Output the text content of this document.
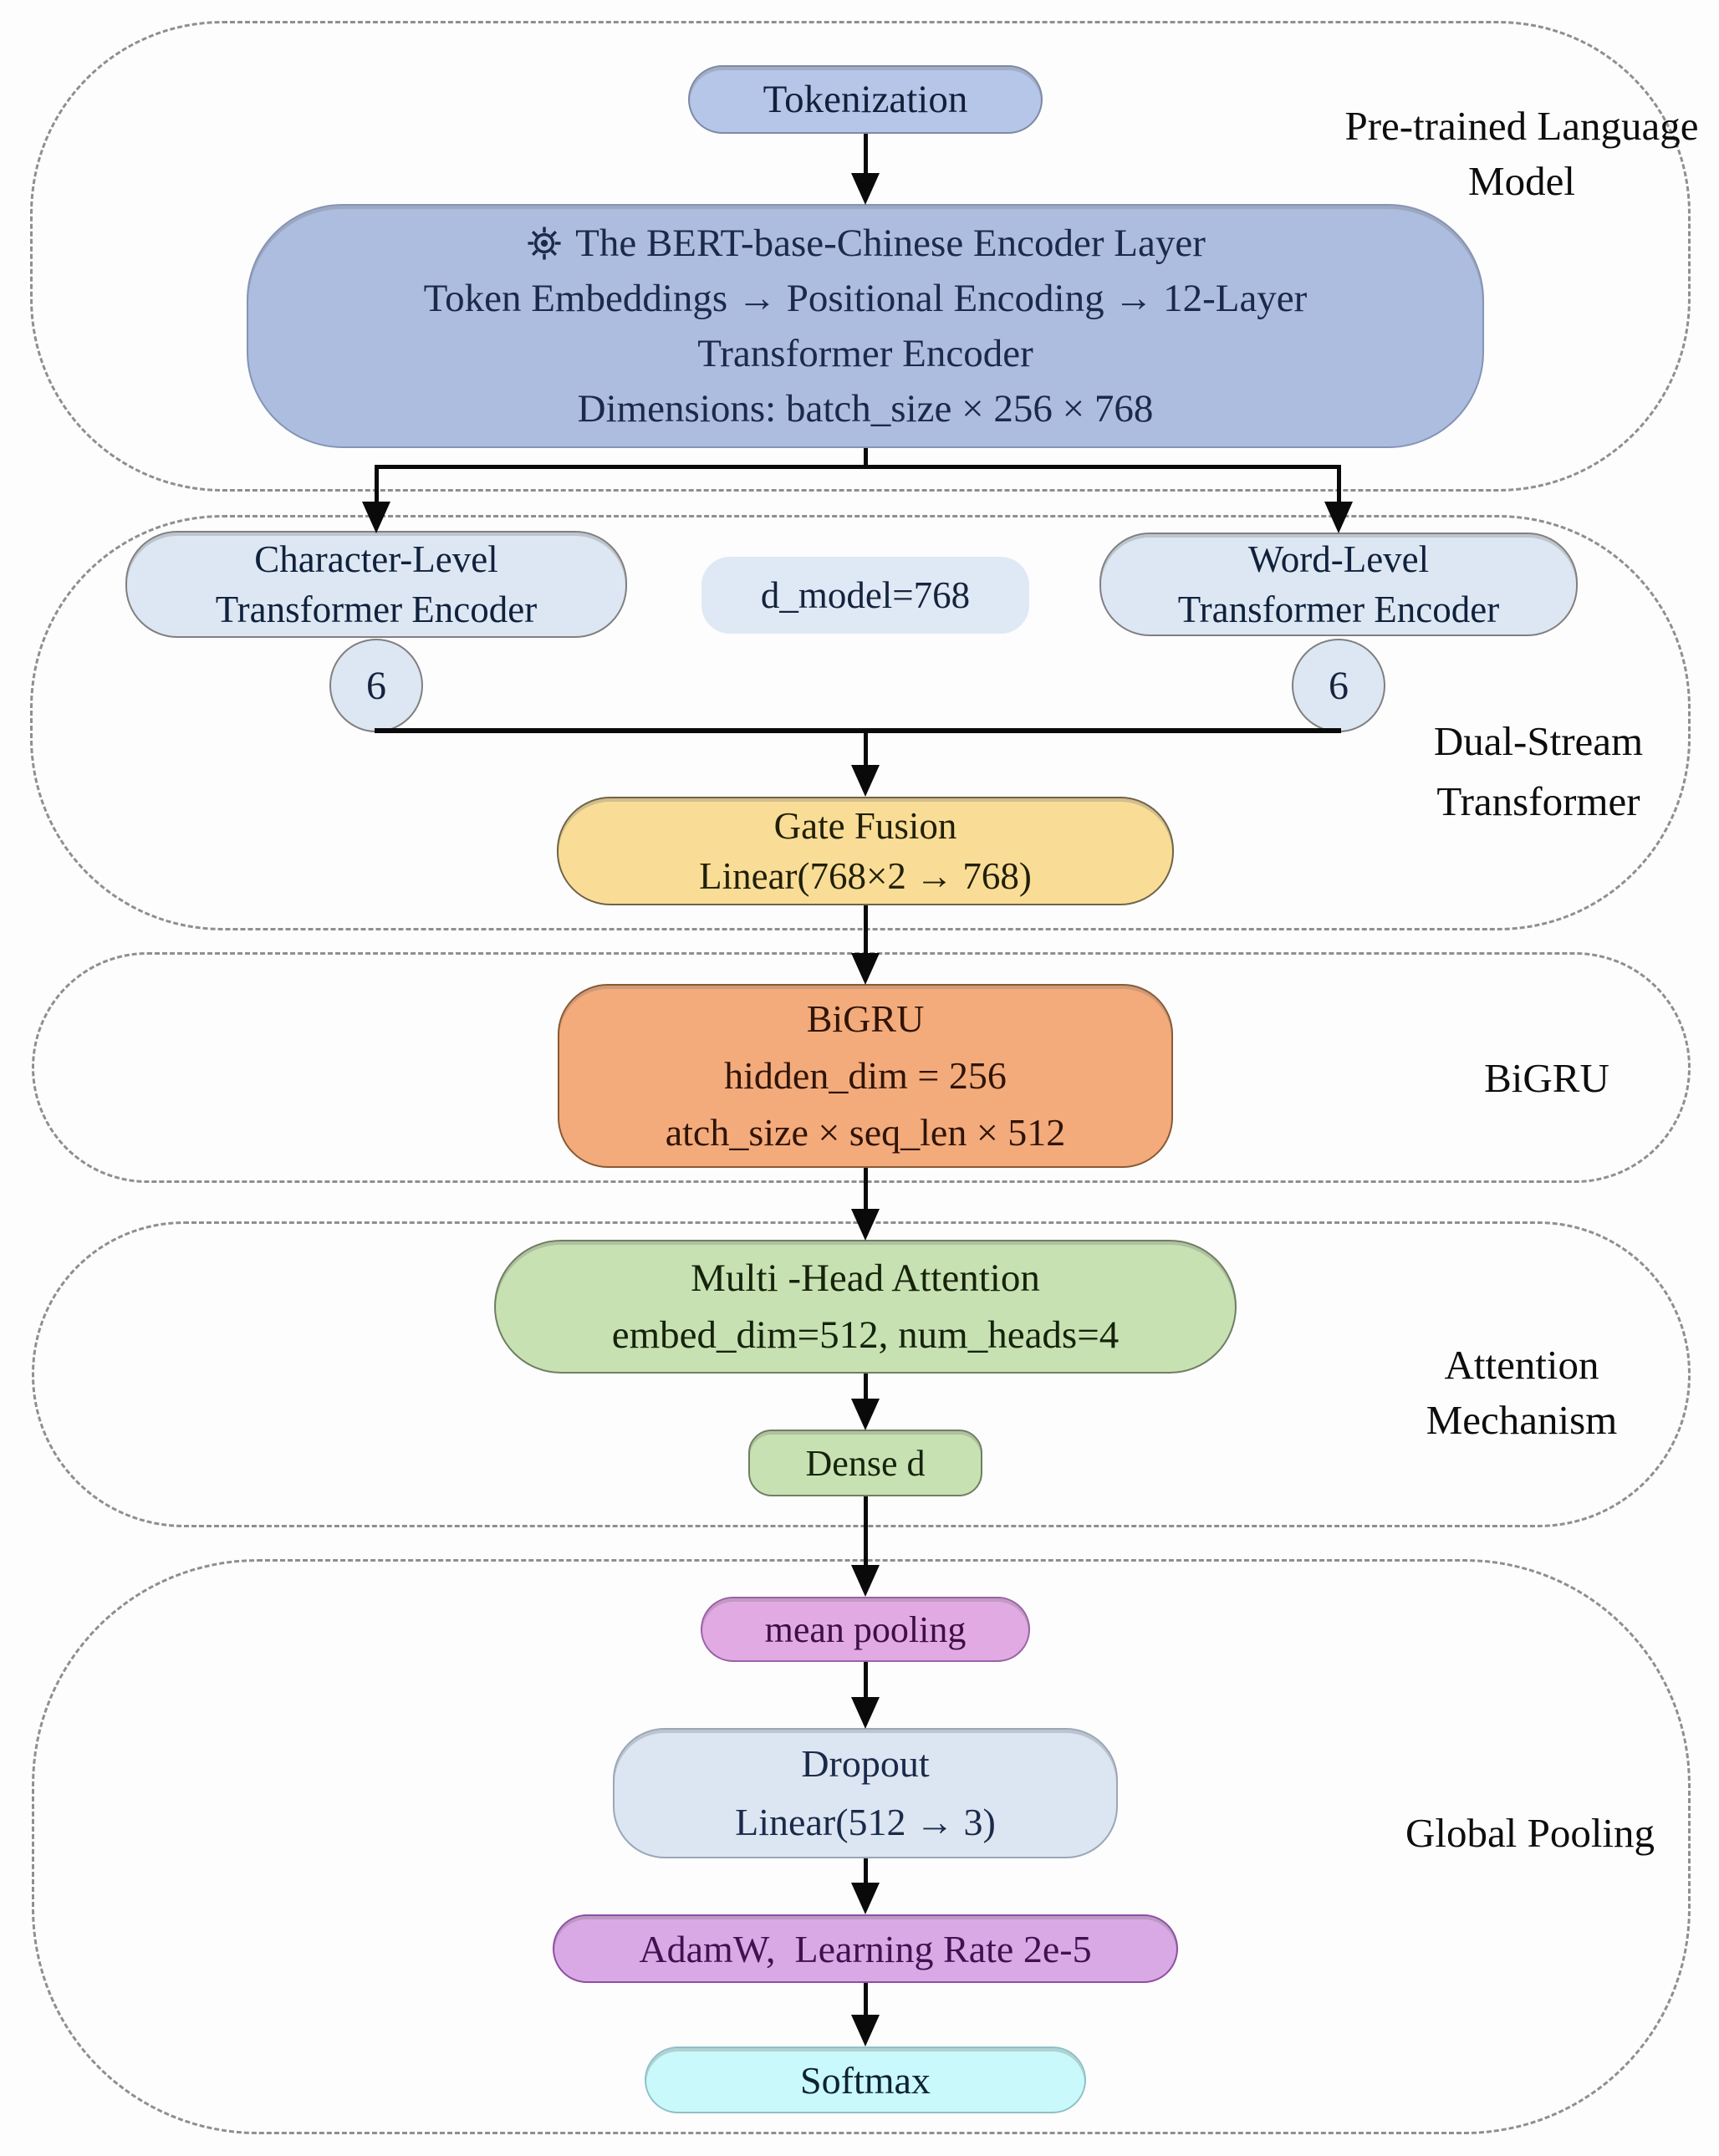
Pre-trained Language Model
Dual-Stream Transformer
BiGRU
Attention Mechanism
Global Pooling
Tokenization
The BERT-base-Chinese Encoder Layer
Token Embeddings → Positional Encoding → 12-Layer
Transformer Encoder
Dimensions: batch_size × 256 × 768
Character-Level
Transformer Encoder	d_model=768
Word-Level
Transformer Encoder
6	6
Gate Fusion
Linear(768×2 → 768)
BiGRU
hidden_dim = 256
atch_size × seq_len × 512
Multi -Head Attention
embed_dim=512, num_heads=4
Dense d
mean pooling
Dropout
Linear(512 → 3)
AdamW,  Learning Rate 2e-5
Softmax
